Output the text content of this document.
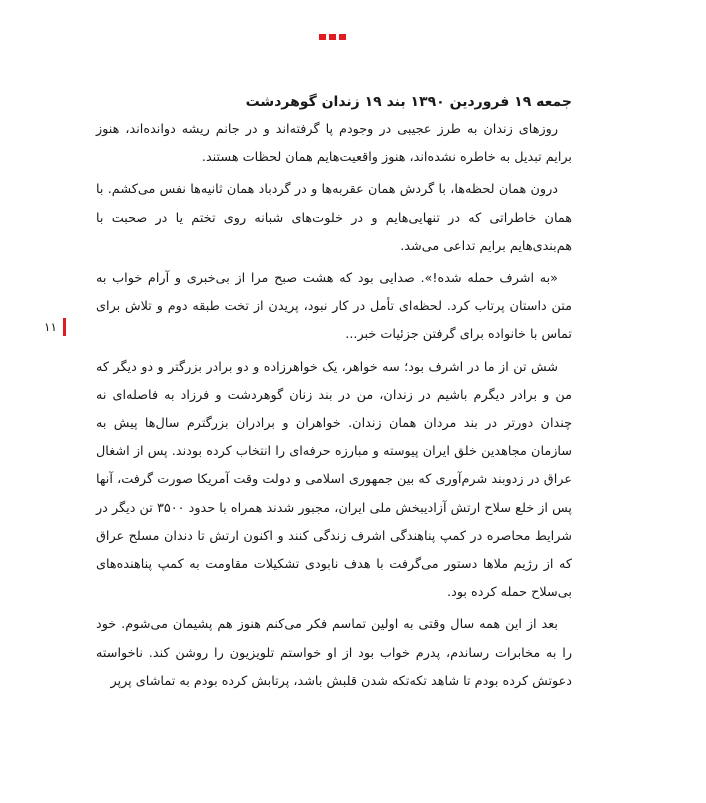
جمعه ۱۹ فروردین ۱۳۹۰ بند ۱۹ زندان گوهردشت

روزهای زندان به طرز عجیبی در وجودم پا گرفته‌اند و در جانم ریشه دوانده‌اند، هنوز برایم تبدیل به خاطره نشده‌اند، هنوز واقعیت‌هایم همان لحظات هستند.

درون همان لحظه‌ها، با گردش همان عقربه‌ها و در گردباد همان ثانیه‌ها نفس می‌کشم. با همان خاطراتی که در تنهایی‌هایم و در خلوت‌های شبانه روی تختم یا در صحبت با هم‌بندی‌هایم برایم تداعی می‌شد.

«به اشرف حمله شده!». صدایی بود که هشت صبح مرا از بی‌خبری و آرام خواب به متن داستان پرتاب کرد. لحظه‌ای تأمل در کار نبود، پریدن از تخت طبقه دوم و تلاش برای تماس با خانواده برای گرفتن جزئیات خبر...

شش تن از ما در اشرف بود؛ سه خواهر، یک خواهرزاده و دو برادر بزرگتر و دو دیگر که من و برادر دیگرم باشیم در زندان، من در بند زنان گوهردشت و فرزاد به فاصله‌ای نه چندان دورتر در بند مردان همان زندان. خواهران و برادران بزرگترم سال‌ها پیش به سازمان مجاهدین خلق ایران پیوسته و مبارزه حرفه‌ای را انتخاب کرده بودند. پس از اشغال عراق در زدوبند شرم‌آوری که بین جمهوری اسلامی و دولت وقت آمریکا صورت گرفت، آنها پس از خلع سلاح ارتش آزادیبخش ملی ایران، مجبور شدند همراه با حدود ۳۵۰۰ تن دیگر در شرایط محاصره در کمپ پناهندگی اشرف زندگی کنند و اکنون ارتش تا دندان مسلح عراق که از رژیم ملاها دستور می‌گرفت با هدف نابودی تشکیلات مقاومت به کمپ پناهنده‌های بی‌سلاح حمله کرده بود.

بعد از این همه سال وقتی به اولین تماسم فکر می‌کنم هنوز هم پشیمان می‌شوم. خود را به مخابرات رساندم، پدرم خواب بود از او خواستم تلویزیون را روشن کند. ناخواسته دعوتش کرده بودم تا شاهد تکه‌تکه شدن قلبش باشد، پرتابش کرده بودم به تماشای پرپر

۱۱
